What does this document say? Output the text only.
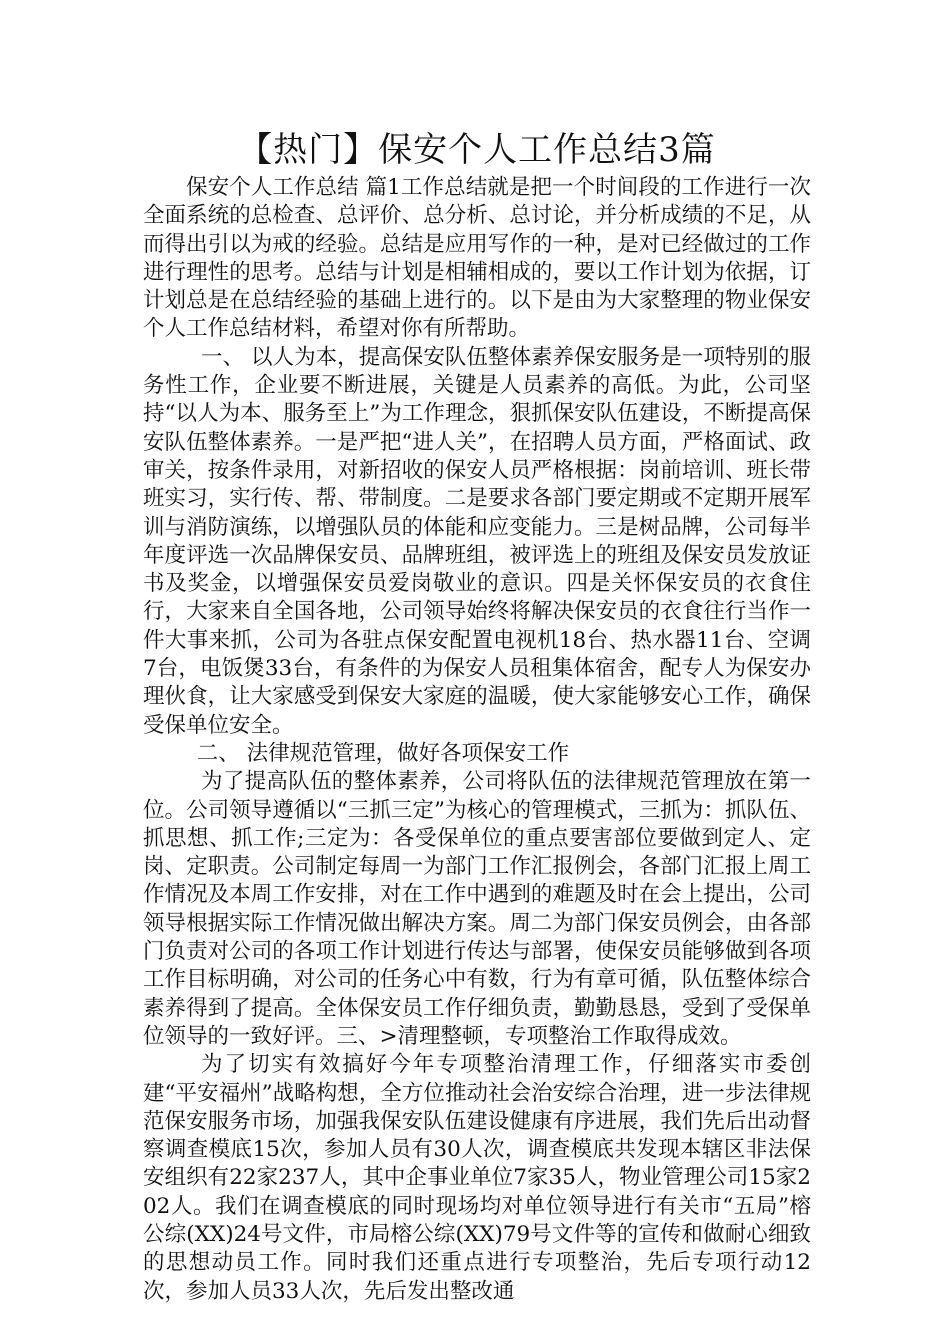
【热门】保安个人工作总结3篇

保安个人工作总结 篇1工作总结就是把一个时间段的工作进行一次全面系统的总检查、总评价、总分析、总讨论，并分析成绩的不足，从而得出引以为戒的经验。总结是应用写作的一种，是对已经做过的工作进行理性的思考。总结与计划是相辅相成的，要以工作计划为依据，订计划总是在总结经验的基础上进行的。以下是由为大家整理的物业保安个人工作总结材料，希望对你有所帮助。

一、 以人为本，提高保安队伍整体素养保安服务是一项特别的服务性工作，企业要不断进展，关键是人员素养的高低。为此，公司坚持“以人为本、服务至上”为工作理念，狠抓保安队伍建设，不断提高保安队伍整体素养。一是严把“进人关”，在招聘人员方面，严格面试、政审关，按条件录用，对新招收的保安人员严格根据：岗前培训、班长带班实习，实行传、帮、带制度。二是要求各部门要定期或不定期开展军训与消防演练，以增强队员的体能和应变能力。三是树品牌，公司每半年度评选一次品牌保安员、品牌班组，被评选上的班组及保安员发放证书及奖金，以增强保安员爱岗敬业的意识。四是关怀保安员的衣食住行，大家来自全国各地，公司领导始终将解决保安员的衣食往行当作一件大事来抓，公司为各驻点保安配置电视机18台、热水器11台、空调7台，电饭煲33台，有条件的为保安人员租集体宿舍，配专人为保安办理伙食，让大家感受到保安大家庭的温暖，使大家能够安心工作，确保受保单位安全。

二、 法律规范管理，做好各项保安工作

为了提高队伍的整体素养，公司将队伍的法律规范管理放在第一位。公司领导遵循以“三抓三定”为核心的管理模式，三抓为：抓队伍、抓思想、抓工作;三定为：各受保单位的重点要害部位要做到定人、定岗、定职责。公司制定每周一为部门工作汇报例会，各部门汇报上周工作情况及本周工作安排，对在工作中遇到的难题及时在会上提出，公司领导根据实际工作情况做出解决方案。周二为部门保安员例会，由各部门负责对公司的各项工作计划进行传达与部署，使保安员能够做到各项工作目标明确，对公司的任务心中有数，行为有章可循，队伍整体综合素养得到了提高。全体保安员工作仔细负责，勤勤恳恳，受到了受保单位领导的一致好评。三、>清理整顿，专项整治工作取得成效。

为了切实有效搞好今年专项整治清理工作，仔细落实市委创建“平安福州”战略构想，全方位推动社会治安综合治理，进一步法律规范保安服务市场，加强我保安队伍建设健康有序进展，我们先后出动督察调查模底15次，参加人员有30人次，调查模底共发现本辖区非法保安组织有22家237人，其中企事业单位7家35人，物业管理公司15家202人。我们在调查模底的同时现场均对单位领导进行有关市“五局”榕公综(XX)24号文件，市局榕公综(XX)79号文件等的宣传和做耐心细致的思想动员工作。同时我们还重点进行专项整治，先后专项行动12次，参加人员33人次，先后发出整改通
